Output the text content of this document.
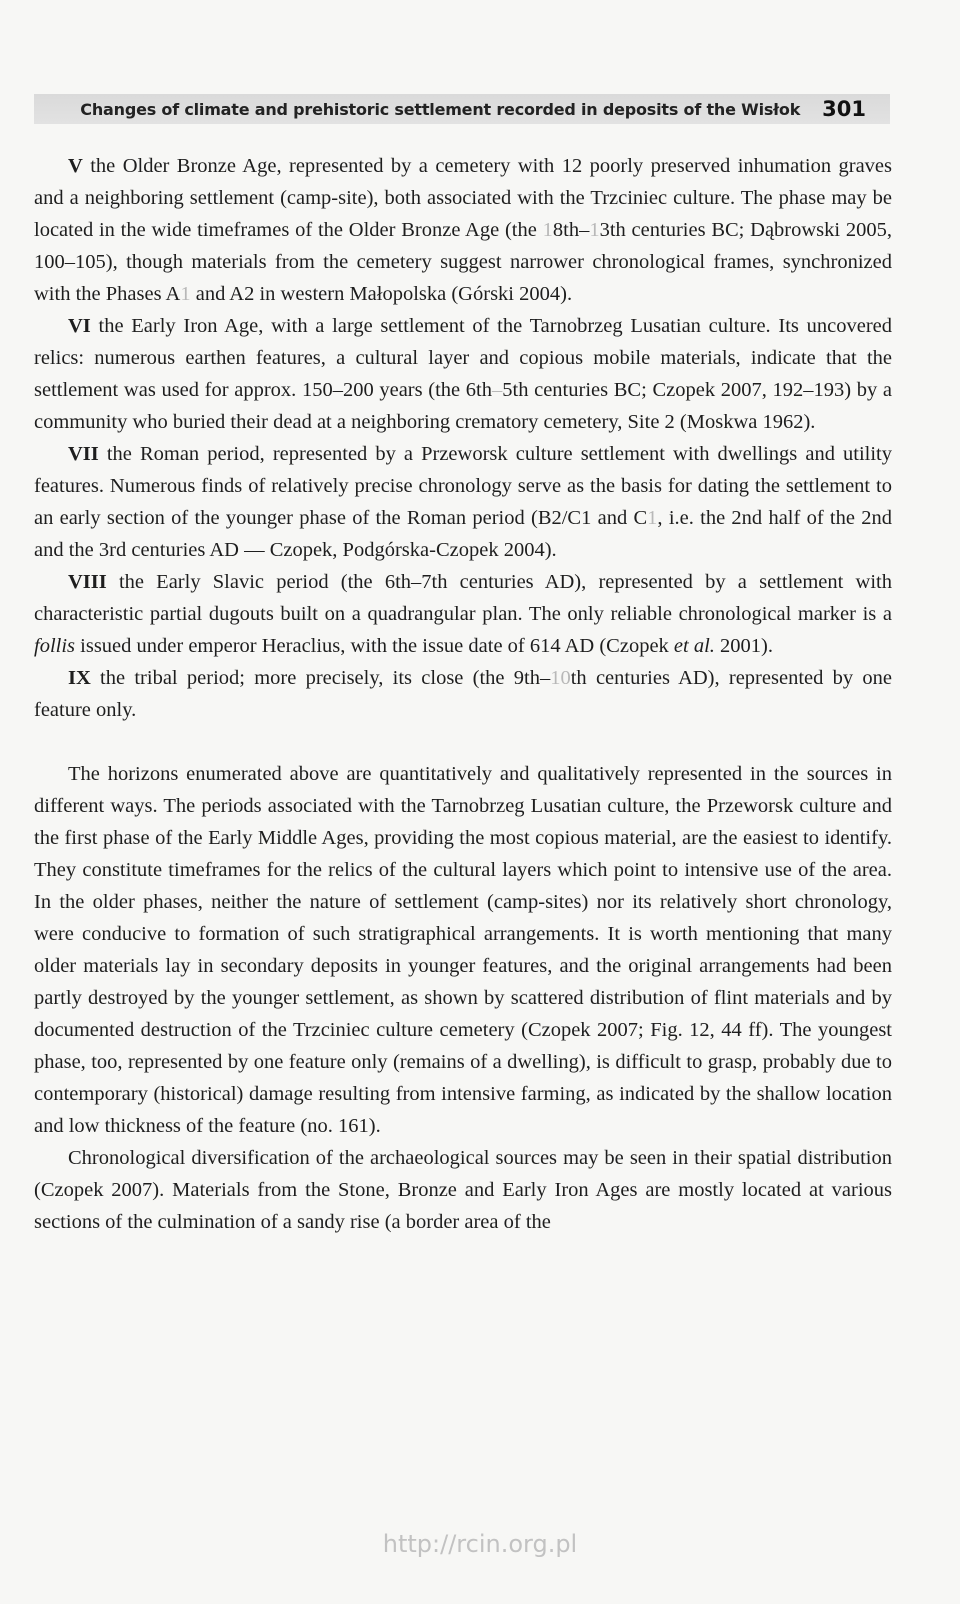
Changes of climate and prehistoric settlement recorded in deposits of the Wisłok 301

V the Older Bronze Age, represented by a cemetery with 12 poorly preserved inhumation graves and a neighboring settlement (camp-site), both associated with the Trzciniec culture. The phase may be located in the wide timeframes of the Older Bronze Age (the 18th–13th centuries BC; Dąbrowski 2005, 100–105), though materials from the cemetery suggest narrower chronological frames, synchronized with the Phases A1 and A2 in western Małopolska (Górski 2004).

VI the Early Iron Age, with a large settlement of the Tarnobrzeg Lusatian culture. Its uncovered relics: numerous earthen features, a cultural layer and copious mobile materials, indicate that the settlement was used for approx. 150–200 years (the 6th–5th centuries BC; Czopek 2007, 192–193) by a community who buried their dead at a neighboring crematory cemetery, Site 2 (Moskwa 1962).

VII the Roman period, represented by a Przeworsk culture settlement with dwellings and utility features. Numerous finds of relatively precise chronology serve as the basis for dating the settlement to an early section of the younger phase of the Roman period (B2/C1 and C1, i.e. the 2nd half of the 2nd and the 3rd centuries AD — Czopek, Podgórska-Czopek 2004).

VIII the Early Slavic period (the 6th–7th centuries AD), represented by a settlement with characteristic partial dugouts built on a quadrangular plan. The only reliable chronological marker is a follis issued under emperor Heraclius, with the issue date of 614 AD (Czopek et al. 2001).

IX the tribal period; more precisely, its close (the 9th–10th centuries AD), represented by one feature only.

The horizons enumerated above are quantitatively and qualitatively represented in the sources in different ways. The periods associated with the Tarnobrzeg Lusatian culture, the Przeworsk culture and the first phase of the Early Middle Ages, providing the most copious material, are the easiest to identify. They constitute timeframes for the relics of the cultural layers which point to intensive use of the area. In the older phases, neither the nature of settlement (camp-sites) nor its relatively short chronology, were conducive to formation of such stratigraphical arrangements. It is worth mentioning that many older materials lay in secondary deposits in younger features, and the original arrangements had been partly destroyed by the younger settlement, as shown by scattered distribution of flint materials and by documented destruction of the Trzciniec culture cemetery (Czopek 2007; Fig. 12, 44 ff). The youngest phase, too, represented by one feature only (remains of a dwelling), is difficult to grasp, probably due to contemporary (historical) damage resulting from intensive farming, as indicated by the shallow location and low thickness of the feature (no. 161).

Chronological diversification of the archaeological sources may be seen in their spatial distribution (Czopek 2007). Materials from the Stone, Bronze and Early Iron Ages are mostly located at various sections of the culmination of a sandy rise (a border area of the

http://rcin.org.pl
